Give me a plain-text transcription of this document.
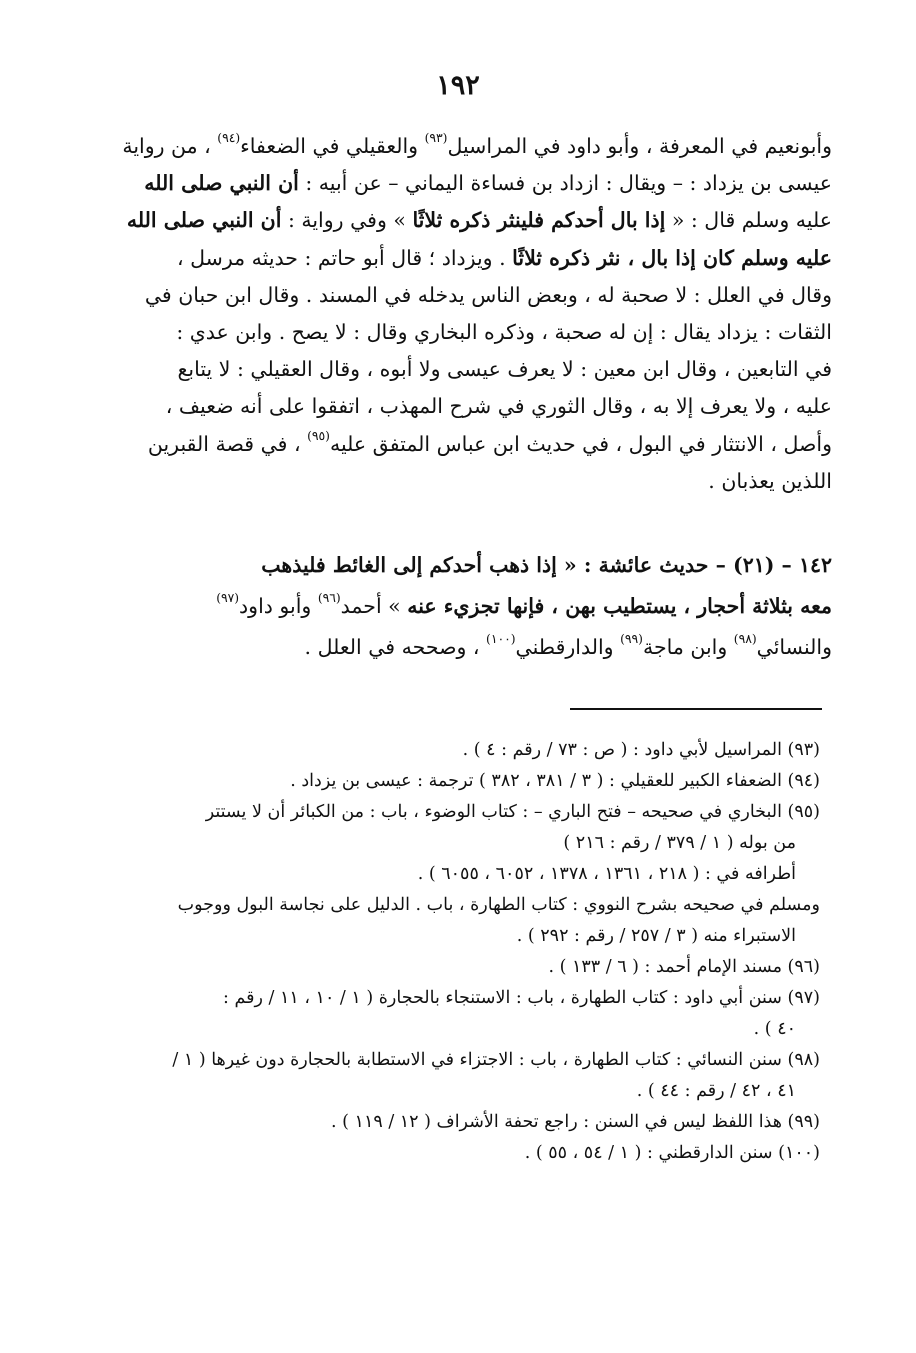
١٩٢
وأبونعيم في المعرفة ، وأبو داود في المراسيل$^{(٩٣)}$ والعقيلي في الضعفاء$^{(٩٤)}$ ، من رواية
عيسى بن يزداد : – ويقال : ازداد بن فساءة اليماني – عن أبيه : أن النبي صلى الله
عليه وسلم قال : « إذا بال أحدكم فلينثر ذكره ثلاثًا » وفي رواية : أن النبي صلى الله
عليه وسلم كان إذا بال ، نثر ذكره ثلاثًا . ويزداد ؛ قال أبو حاتم : حديثه مرسل ،
وقال في العلل : لا صحبة له ، وبعض الناس يدخله في المسند . وقال ابن حبان في
الثقات : يزداد يقال : إن له صحبة ، وذكره البخاري وقال : لا يصح . وابن عدي :
في التابعين ، وقال ابن معين : لا يعرف عيسى ولا أبوه ، وقال العقيلي : لا يتابع
عليه ، ولا يعرف إلا به ، وقال الثوري في شرح المهذب ، اتفقوا على أنه ضعيف ،
وأصل ، الانتثار في البول ، في حديث ابن عباس المتفق عليه$^{(٩٥)}$ ، في قصة القبرين
اللذين يعذبان .
١٤٢ – (٢١) – حديث عائشة : « إذا ذهب أحدكم إلى الغائط فليذهب
معه بثلاثة أحجار ، يستطيب بهن ، فإنها تجزيء عنه » أحمد$^{(٩٦)}$ وأبو داود$^{(٩٧)}$
والنسائي$^{(٩٨)}$ وابن ماجة$^{(٩٩)}$ والدارقطني$^{(١٠٠)}$ ، وصححه في العلل .
(٩٣) المراسيل لأبي داود : ( ص : ٧٣ / رقم : ٤ ) .
(٩٤) الضعفاء الكبير للعقيلي : ( ٣ / ٣٨١ ، ٣٨٢ ) ترجمة : عيسى بن يزداد .
(٩٥) البخاري في صحيحه – فتح الباري – : كتاب الوضوء ، باب : من الكبائر أن لا يستتر
من بوله ( ١ / ٣٧٩ / رقم : ٢١٦ )
أطرافه في : ( ٢١٨ ، ١٣٦١ ، ١٣٧٨ ، ٦٠٥٢ ، ٦٠٥٥ ) .
ومسلم في صحيحه بشرح النووي : كتاب الطهارة ، باب . الدليل على نجاسة البول ووجوب
الاستبراء منه ( ٣ / ٢٥٧ / رقم : ٢٩٢ ) .
(٩٦) مسند الإمام أحمد : ( ٦ / ١٣٣ ) .
(٩٧) سنن أبي داود : كتاب الطهارة ، باب : الاستنجاء بالحجارة ( ١ / ١٠ ، ١١ / رقم :
٤٠ ) .
(٩٨) سنن النسائي : كتاب الطهارة ، باب : الاجتزاء في الاستطابة بالحجارة دون غيرها ( ١ /
٤١ ، ٤٢ / رقم : ٤٤ ) .
(٩٩) هذا اللفظ ليس في السنن : راجع تحفة الأشراف ( ١٢ / ١١٩ ) .
(١٠٠) سنن الدارقطني : ( ١ / ٥٤ ، ٥٥ ) .
